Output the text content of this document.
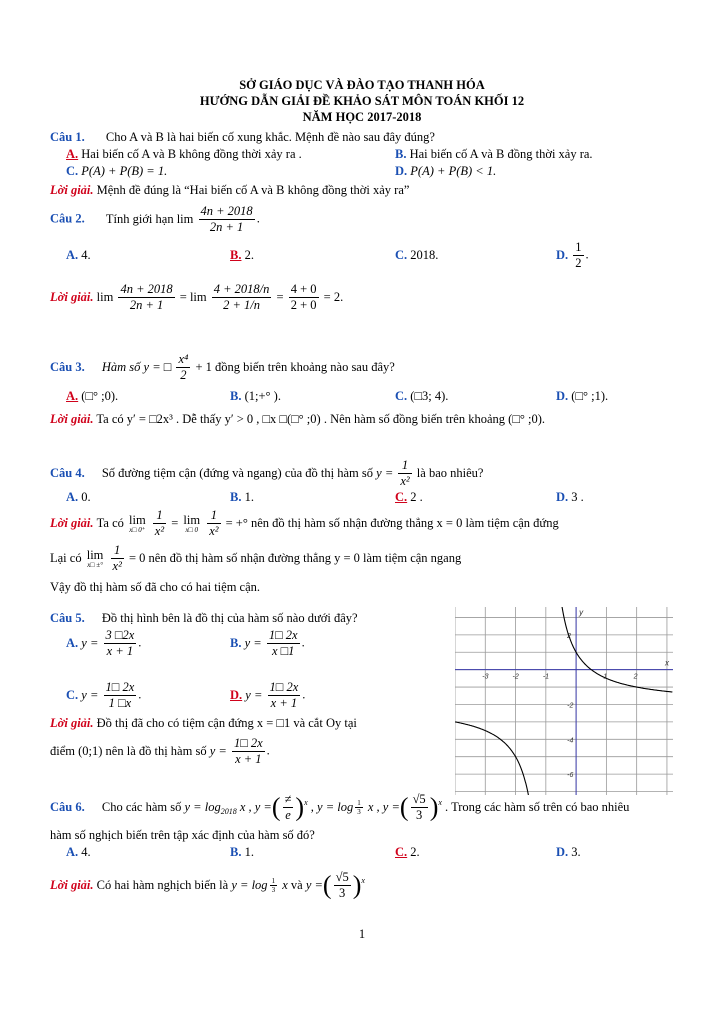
SỞ GIÁO DỤC VÀ ĐÀO TẠO THANH HÓA
HƯỚNG DẪN GIẢI ĐỀ KHẢO SÁT MÔN TOÁN KHỐI 12
NĂM HỌC 2017-2018
Câu 1. Cho A và B là hai biến cố xung khắc. Mệnh đề nào sau đây đúng?
A. Hai biến cố A và B không đồng thời xảy ra .	B. Hai biến cố A và B đồng thời xảy ra.
C. P(A) + P(B) = 1.	D. P(A) + P(B) < 1.
Lời giải. Mệnh đề đúng là “Hai biến cố A và B không đồng thời xảy ra”
Câu 2. Tính giới hạn $\lim \frac{4n + 2018}{2n + 1}$ .
A. 4.	B. 2.	C. 2018.	D. $\frac{1}{2}$ .
Lời giải. $\lim \frac{4n + 2018}{2n + 1} = \lim \frac{4 + 2018/n}{2 + 1/n} = \frac{4 + 0}{2 + 0} = 2$.
Câu 3. Hàm số y = □ $\frac{\text{x⁴}}{2} + 1$ đồng biến trên khoảng nào sau đây?
A. (□° ;0).	B. (1;+° ).	C. (□3; 4).	D. (□° ;1).
Lời giải. Ta có y′ = □2x³ . Dễ thấy y′ > 0 , □x □(□° ;0) . Nên hàm số đồng biến trên khoảng (□° ;0).
Câu 4. Số đường tiệm cận (đứng và ngang) của đồ thị hàm số $y = \frac{1}{\text{x²}}$ là bao nhiêu?
A. 0.	B. 1.	C. 2 .	D. 3 .
Lời giải. Ta có lim
x□ 0⁺
$\frac{1}{\text{x²}} = \lim$
x□ 0
$\frac{1}{\text{x²}}$ = +° nên đồ thị hàm số nhận đường thẳng x = 0 làm tiệm cận đứng
Lại có lim
x□ ±°
$\frac{1}{\text{x²}} = 0$ nên đồ thị hàm số nhận đường thẳng y = 0 làm tiệm cận ngang
Vậy đồ thị hàm số đã cho có hai tiệm cận.
Câu 5. Đồ thị hình bên là đồ thị của hàm số nào dưới đây?
A. $y = \frac{3 □2x}{x + 1}$ .	B. $y = \frac{1□ 2x}{x □1}$ .
C. $y = \frac{1□ 2x}{1 □x}$ .	D. $y = \frac{1□ 2x}{x + 1}$ .
Lời giải. Đồ thị đã cho có tiệm cận đứng x = □1 và cắt Oy tại
điểm (0;1) nên là đồ thị hàm số $y = \frac{1□ 2x}{x + 1}$ .
-3	-2	-1	1	2
2
-2
-4
-6
x
y
Câu 6. Cho các hàm số $y = \log_{2018} x$ , y =( $\frac{\ne}{e} )^x$ , $y = \log \frac{1}{3}$ x , y =( $\frac{√5}{3} )^x$ . Trong các hàm số trên có bao nhiêu
hàm số nghịch biến trên tập xác định của hàm số đó?
A. 4.	B. 1.	C. 2.	D. 3.
Lời giải. Có hai hàm nghịch biến là $y = \log \frac{1}{3}$ x và y =( $\frac{√5}{3} )^x$
1
